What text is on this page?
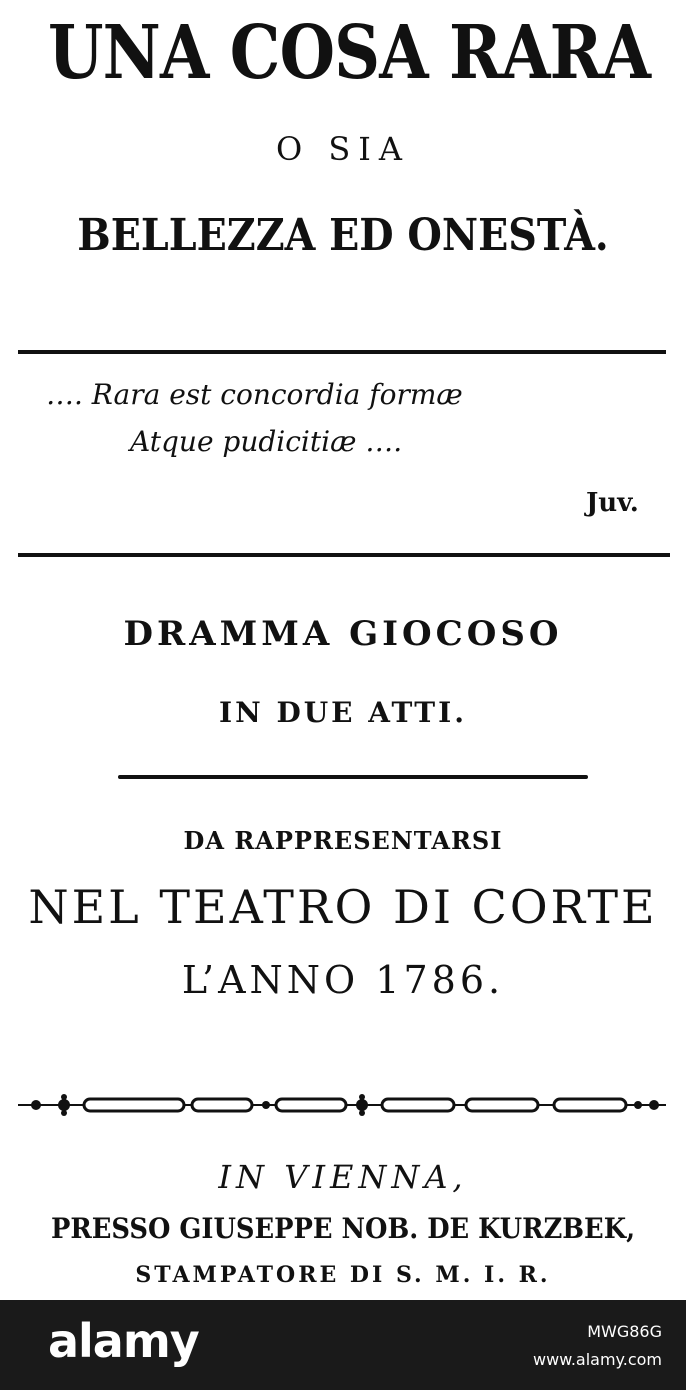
UNA COSA RARA
O SIA
BELLEZZA ED ONESTÀ.
…. Rara est concordia formæ
Atque pudicitiæ ….
Juv.
DRAMMA GIOCOSO
IN DUE ATTI.
DA RAPPRESENTARSI
NEL TEATRO DI CORTE
L’ANNO 1786.
IN VIENNA,
PRESSO GIUSEPPE NOB. DE KURZBEK,
STAMPATORE DI S. M. I. R.
alamy	MWG86G
www.alamy.com
